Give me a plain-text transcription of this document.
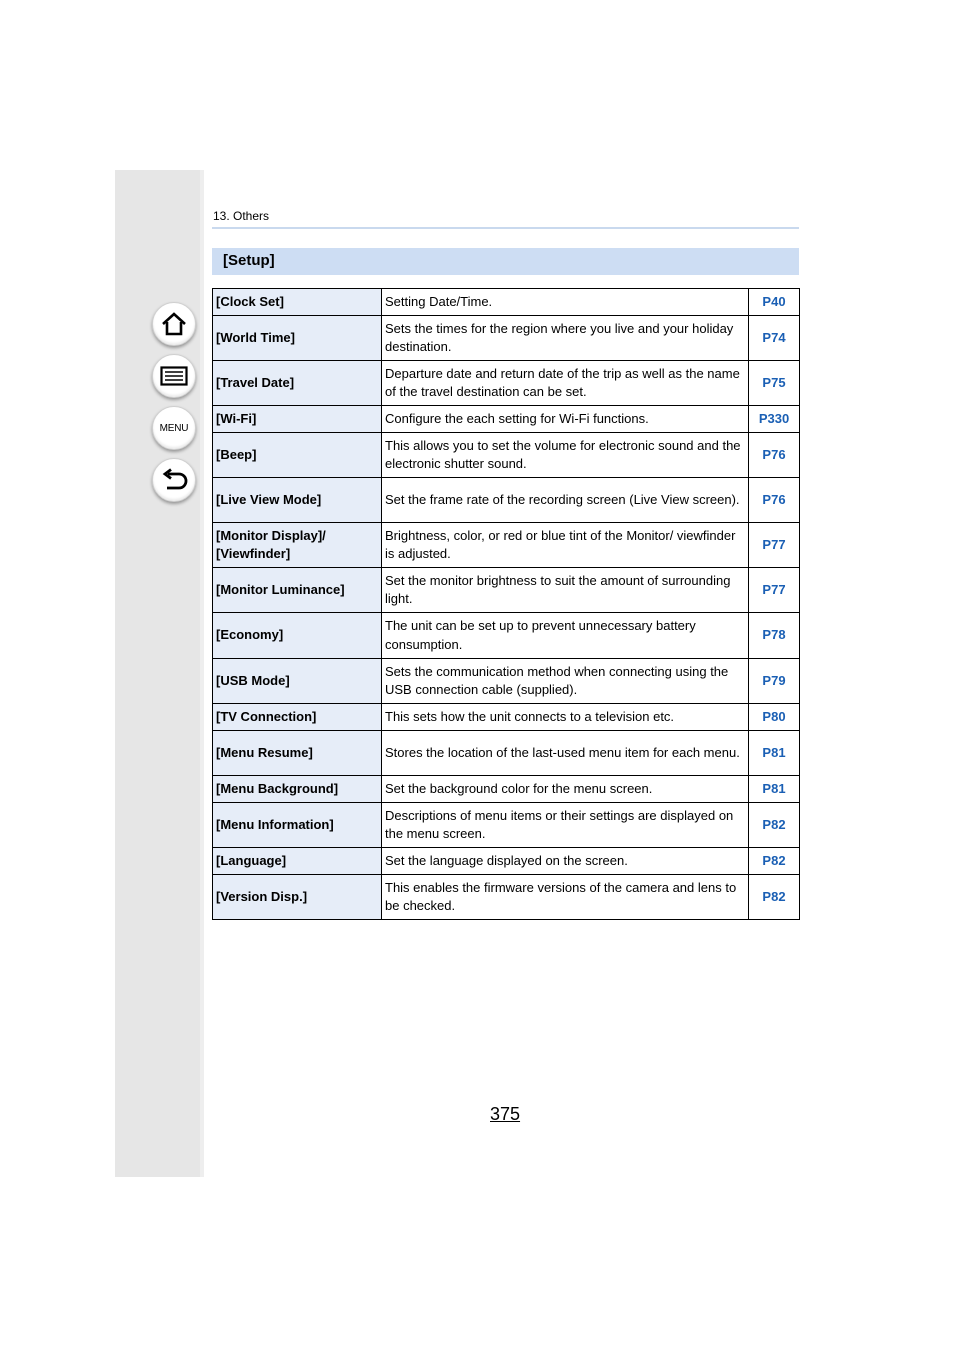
MENU
13. Others
[Setup]
[Clock Set]	Setting Date/Time.	P40
[World Time]	Sets the times for the region where you live and your holiday destination.	P74
[Travel Date]	Departure date and return date of the trip as well as the name of the travel destination can be set.	P75
[Wi-Fi]	Configure the each setting for Wi-Fi functions.	P330
[Beep]	This allows you to set the volume for electronic sound and the electronic shutter sound.	P76
[Live View Mode]	Set the frame rate of the recording screen (Live View screen).	P76
[Monitor Display]/ [Viewfinder]	Brightness, color, or red or blue tint of the Monitor/ viewfinder is adjusted.	P77
[Monitor Luminance]	Set the monitor brightness to suit the amount of surrounding light.	P77
[Economy]	The unit can be set up to prevent unnecessary battery consumption.	P78
[USB Mode]	Sets the communication method when connecting using the USB connection cable (supplied).	P79
[TV Connection]	This sets how the unit connects to a television etc.	P80
[Menu Resume]	Stores the location of the last-used menu item for each menu.	P81
[Menu Background]	Set the background color for the menu screen.	P81
[Menu Information]	Descriptions of menu items or their settings are displayed on the menu screen.	P82
[Language]	Set the language displayed on the screen.	P82
[Version Disp.]	This enables the firmware versions of the camera and lens to be checked.	P82
375
